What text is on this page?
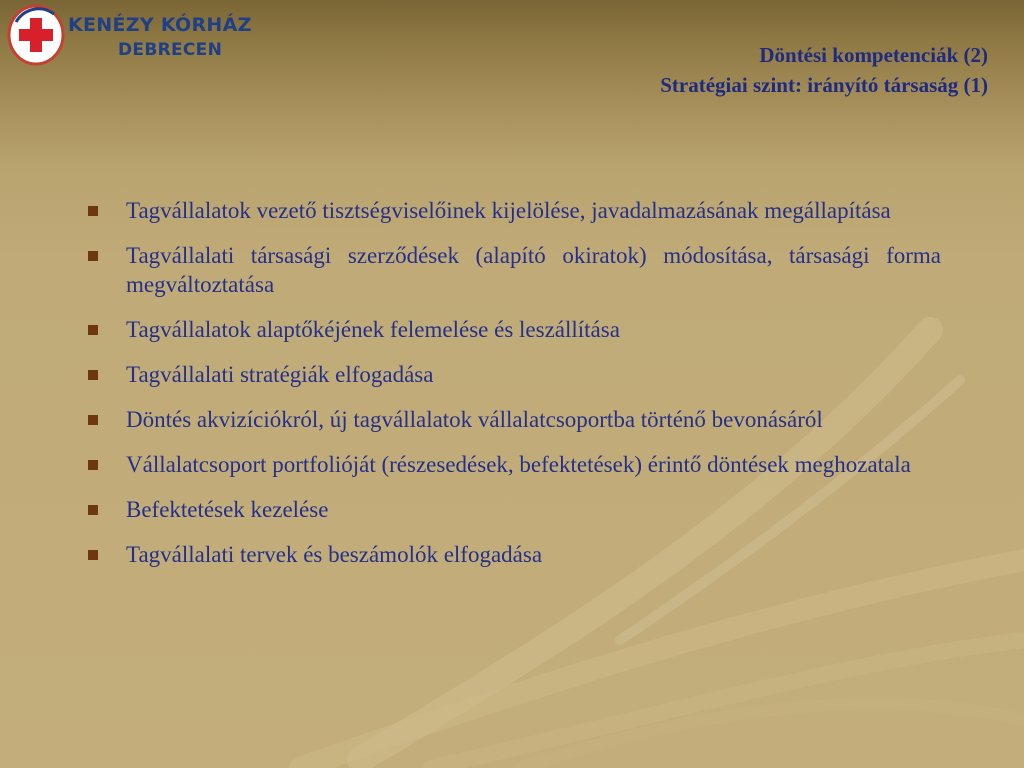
KENÉZY KÓRHÁZ
DEBRECEN	Döntési kompetenciák (2)
Stratégiai szint: irányító társaság (1)
Tagvállalatok vezető tisztségviselőinek kijelölése, javadalmazásának megállapítása
Tagvállalati társasági szerződések (alapító okiratok) módosítása, társasági forma megváltoztatása
Tagvállalatok alaptőkéjének felemelése és leszállítása
Tagvállalati stratégiák elfogadása
Döntés akvizíciókról, új tagvállalatok vállalatcsoportba történő bevonásáról
Vállalatcsoport portfolióját (részesedések, befektetések) érintő döntések meghozatala
Befektetések kezelése
Tagvállalati tervek és beszámolók elfogadása
